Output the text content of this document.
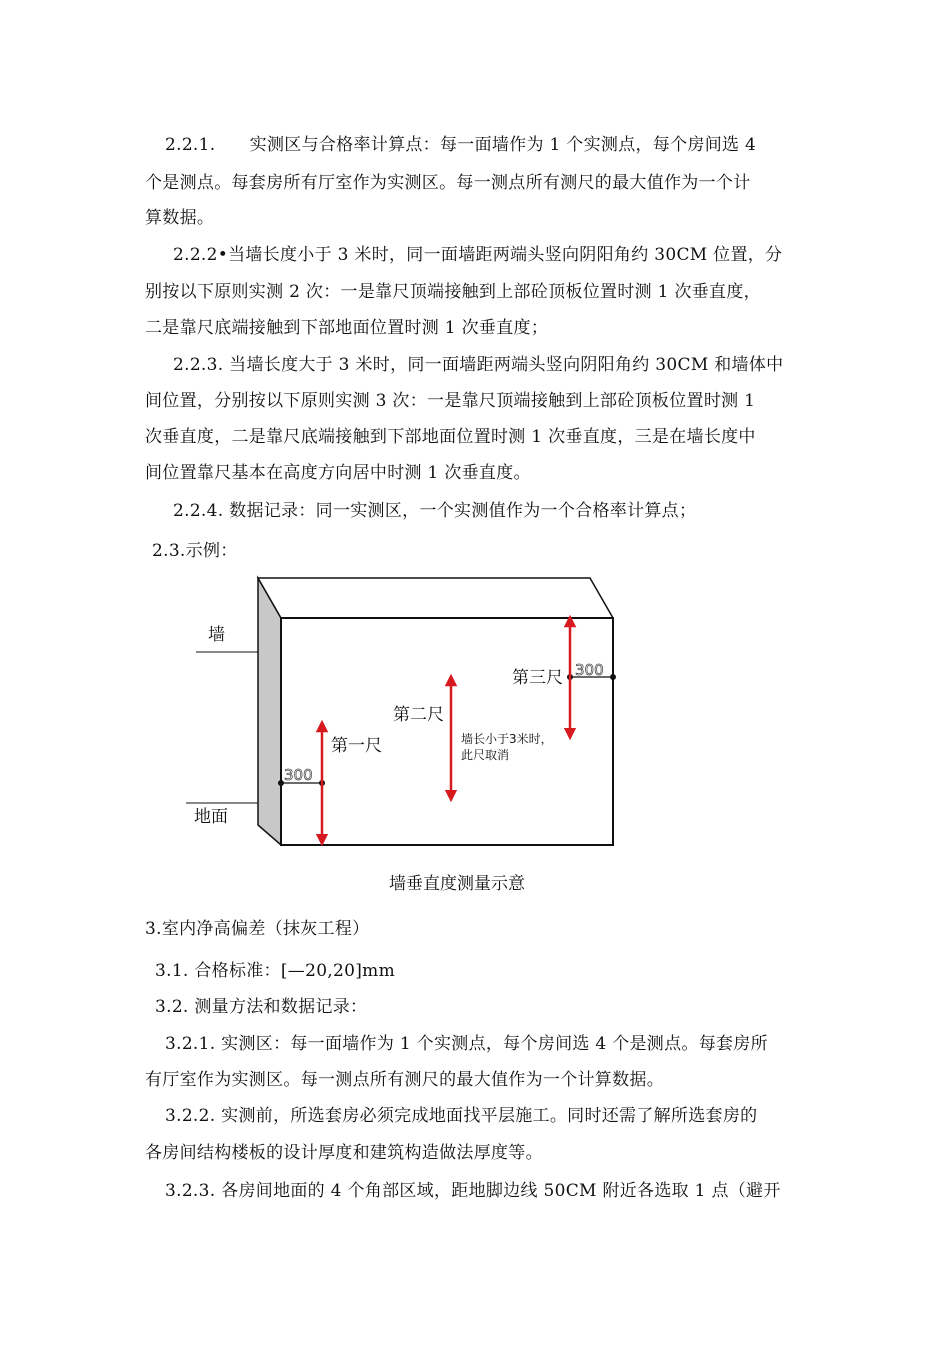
2.2.1.      实测区与合格率计算点：每一面墙作为 1 个实测点，每个房间选 4
个是测点。每套房所有厅室作为实测区。每一测点所有测尺的最大值作为一个计
算数据。
2.2.2•当墙长度小于 3 米时，同一面墙距两端头竖向阴阳角约 30CM 位置，分
别按以下原则实测 2 次：一是靠尺顶端接触到上部砼顶板位置时测 1 次垂直度，
二是靠尺底端接触到下部地面位置时测 1 次垂直度；
2.2.3. 当墙长度大于 3 米时，同一面墙距两端头竖向阴阳角约 30CM 和墙体中
间位置，分别按以下原则实测 3 次：一是靠尺顶端接触到上部砼顶板位置时测 1
次垂直度，二是靠尺底端接触到下部地面位置时测 1 次垂直度，三是在墙长度中
间位置靠尺基本在高度方向居中时测 1 次垂直度。
2.2.4. 数据记录：同一实测区，一个实测值作为一个合格率计算点；
2.3.示例：
墙
地面
第一尺
第二尺
第三尺
300
300
墙长小于3米时，
此尺取消
墙垂直度测量示意
3.室内净高偏差（抹灰工程）
3.1. 合格标准：[—20,20]mm
3.2. 测量方法和数据记录：
3.2.1. 实测区：每一面墙作为 1 个实测点，每个房间选 4 个是测点。每套房所
有厅室作为实测区。每一测点所有测尺的最大值作为一个计算数据。
3.2.2. 实测前，所选套房必须完成地面找平层施工。同时还需了解所选套房的
各房间结构楼板的设计厚度和建筑构造做法厚度等。
3.2.3. 各房间地面的 4 个角部区域，距地脚边线 50CM 附近各选取 1 点（避开
